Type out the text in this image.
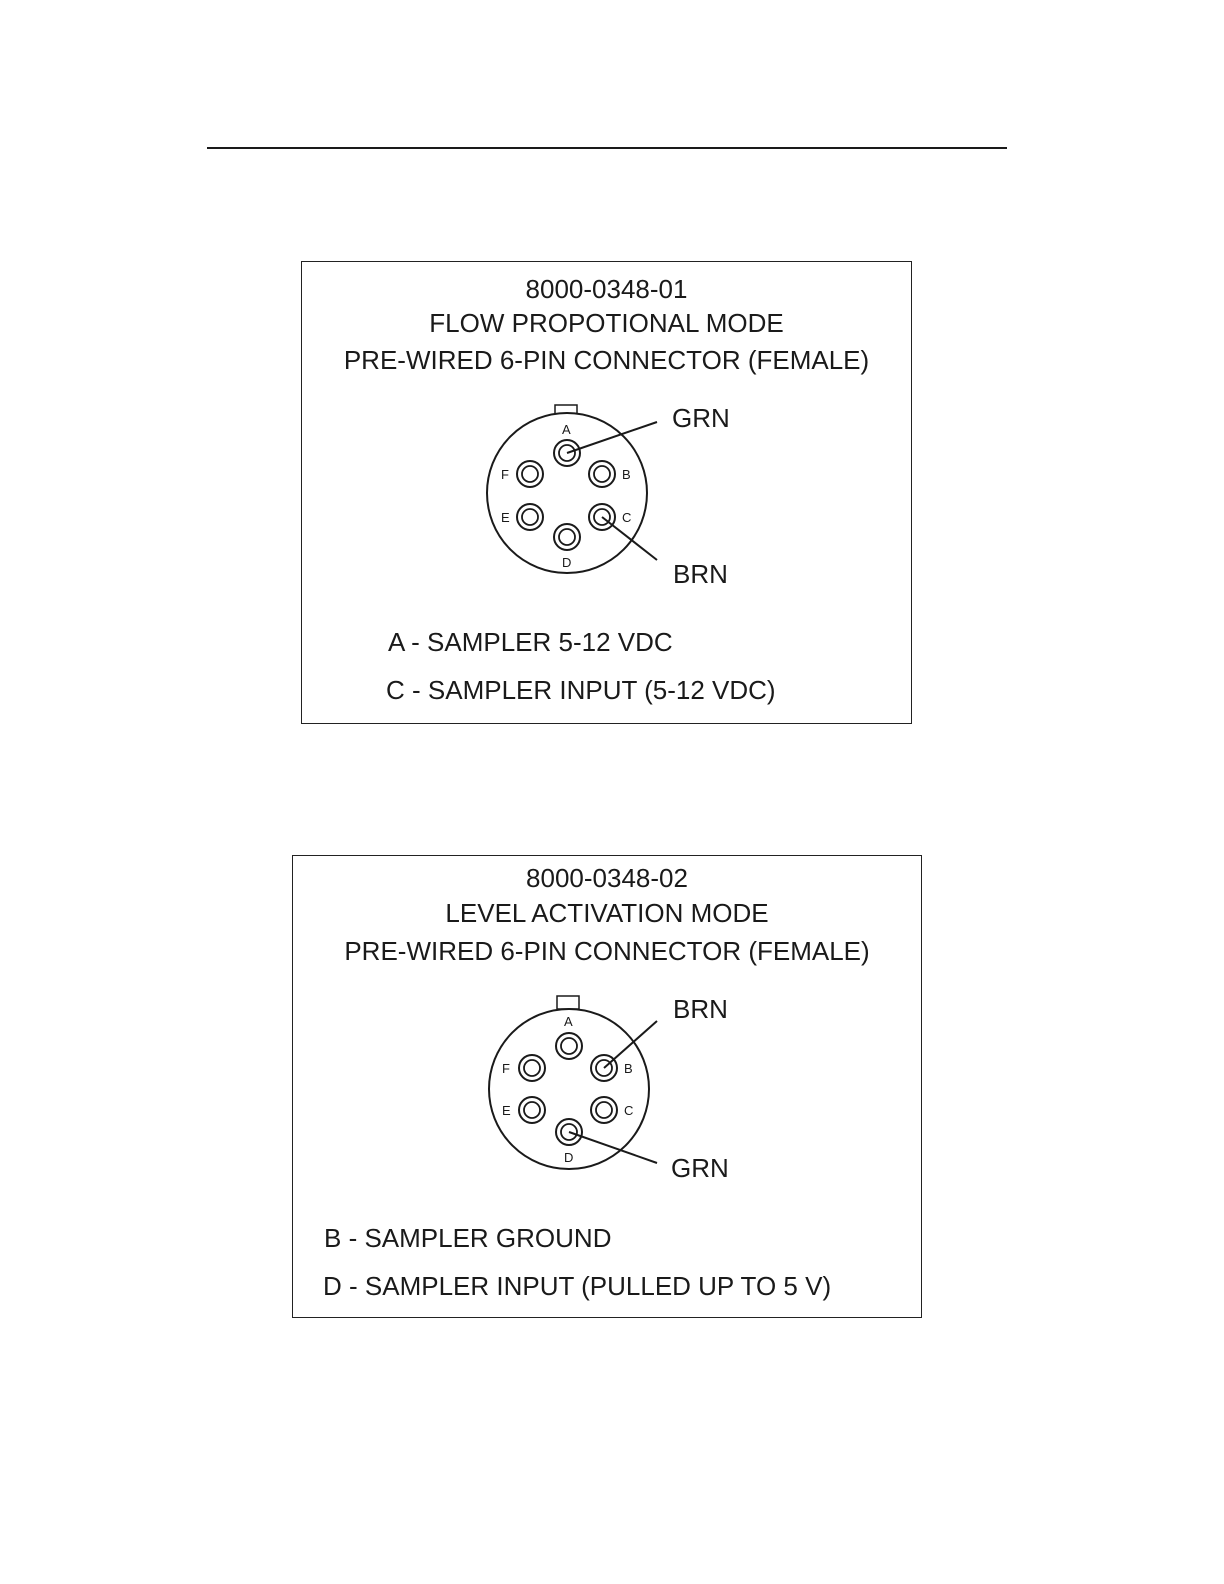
8000-0348-01
FLOW PROPOTIONAL MODE
PRE-WIRED 6-PIN CONNECTOR (FEMALE)
A
B
C
D
E
F
GRN
BRN
A - SAMPLER 5-12 VDC
C - SAMPLER INPUT (5-12 VDC)
8000-0348-02
LEVEL ACTIVATION MODE
PRE-WIRED 6-PIN CONNECTOR (FEMALE)
A
B
C
D
E
F
BRN
GRN
B - SAMPLER GROUND
D - SAMPLER INPUT (PULLED UP TO 5 V)
